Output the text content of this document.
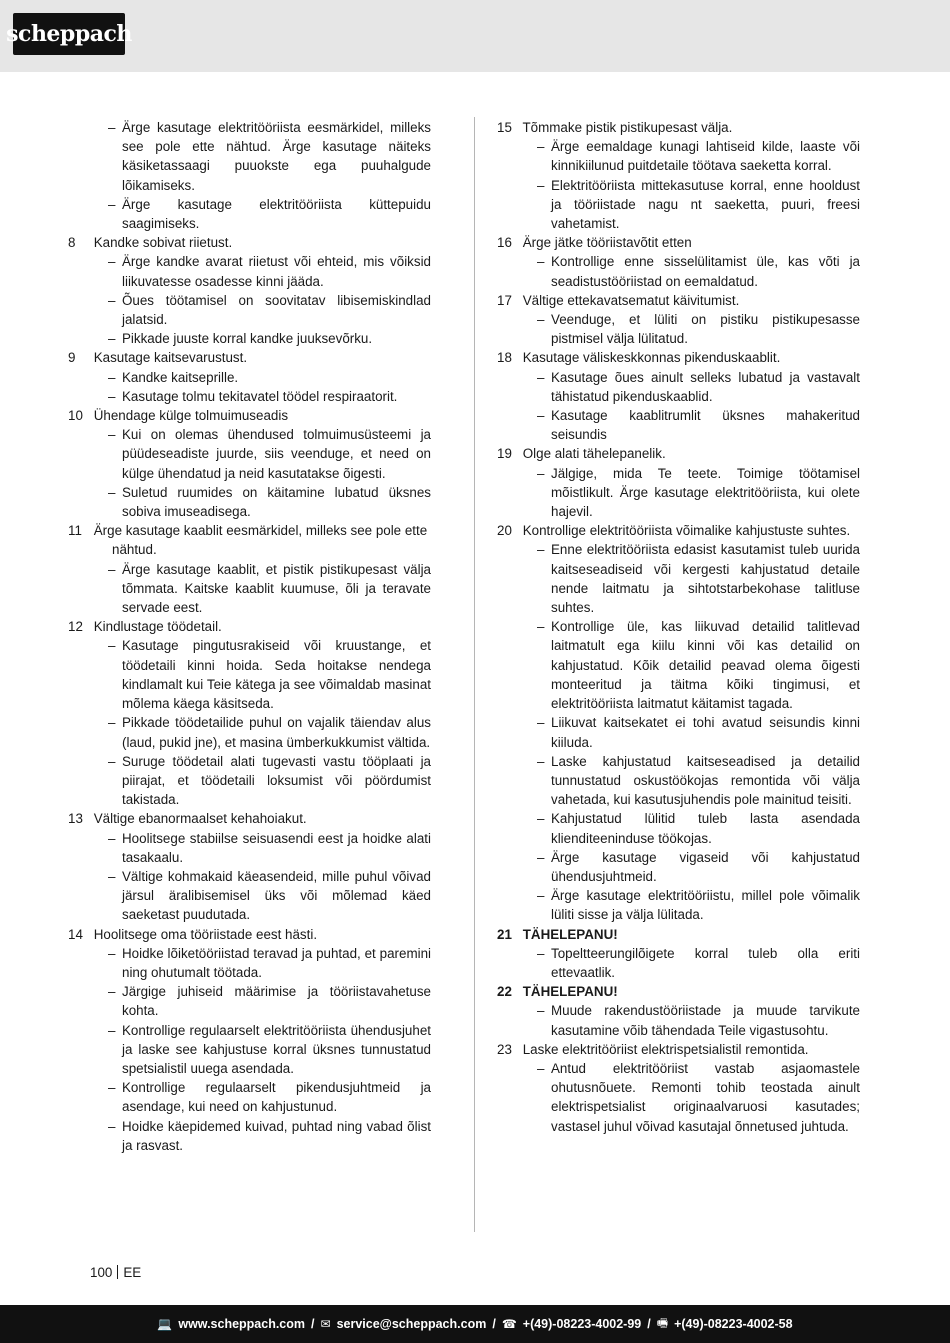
scheppach
– Ärge kasutage elektritööriista eesmärkidel, milleks see pole ette nähtud. Ärge kasutage näiteks käsiketassaagi puuokste ega puuhalgude lõikamiseks.
– Ärge kasutage elektritööriista küttepuidu saagimiseks.
8 Kandke sobivat riietust.
– Ärge kandke avarat riietust või ehteid, mis võiksid liikuvatesse osadesse kinni jääda.
– Õues töötamisel on soovitatav libisemiskindlad jalatsid.
– Pikkade juuste korral kandke juuksevõrku.
9 Kasutage kaitsevarustust.
– Kandke kaitseprille.
– Kasutage tolmu tekitavatel töödel respiraatorit.
10 Ühendage külge tolmuimuseadis
– Kui on olemas ühendused tolmuimusüsteemi ja püüdeseadiste juurde, siis veenduge, et need on külge ühendatud ja neid kasutatakse õigesti.
– Suletud ruumides on käitamine lubatud üksnes sobiva imuseadisega.
11 Ärge kasutage kaablit eesmärkidel, milleks see pole ette nähtud.
– Ärge kasutage kaablit, et pistik pistikupesast välja tõmmata. Kaitske kaablit kuumuse, õli ja teravate servade eest.
12 Kindlustage töödetail.
– Kasutage pingutusrakiseid või kruustange, et töödetaili kinni hoida. Seda hoitakse nendega kindlamalt kui Teie kätega ja see võimaldab masinat mõlema käega käsitseda.
– Pikkade töödetailide puhul on vajalik täiendav alus (laud, pukid jne), et masina ümberkukkumist vältida.
– Suruge töödetail alati tugevasti vastu tööplaati ja piirajat, et töödetaili loksumist või pöördumist takistada.
13 Vältige ebanormaalset kehahoiakut.
– Hoolitsege stabiilse seisuasendi eest ja hoidke alati tasakaalu.
– Vältige kohmakaid käeasendeid, mille puhul võivad järsul äralibisemisel üks või mõlemad käed saeketast puudutada.
14 Hoolitsege oma tööriistade eest hästi.
– Hoidke lõiketööriistad teravad ja puhtad, et paremini ning ohutumalt töötada.
– Järgige juhiseid määrimise ja tööriistavahetuse kohta.
– Kontrollige regulaarselt elektritööriista ühendusjuhet ja laske see kahjustuse korral üksnes tunnustatud spetsialistil uuega asendada.
– Kontrollige regulaarselt pikendusjuhtmeid ja asendage, kui need on kahjustunud.
– Hoidke käepidemed kuivad, puhtad ning vabad õlist ja rasvast.
15 Tõmmake pistik pistikupesast välja.
– Ärge eemaldage kunagi lahtiseid kilde, laaste või kinnikiilunud puitdetaile töötava saeketta korral.
– Elektritööriista mittekasutuse korral, enne hooldust ja tööriistade nagu nt saeketta, puuri, freesi vahetamist.
16 Ärge jätke tööriistavõtit etten
– Kontrollige enne sisselülitamist üle, kas võti ja seadistustööriistad on eemaldatud.
17 Vältige ettekavatsematut käivitumist.
– Veenduge, et lüliti on pistiku pistikupesasse pistmisel välja lülitatud.
18 Kasutage väliskeskkonnas pikenduskaablit.
– Kasutage õues ainult selleks lubatud ja vastavalt tähistatud pikenduskaablid.
– Kasutage kaablitrumlit üksnes mahakeritud seisundis
19 Olge alati tähelepanelik.
– Jälgige, mida Te teete. Toimige töötamisel mõistlikult. Ärge kasutage elektritööriista, kui olete hajevil.
20 Kontrollige elektritööriista võimalike kahjustuste suhtes.
– Enne elektritööriista edasist kasutamist tuleb uurida kaitseseadiseid või kergesti kahjustatud detaile nende laitmatu ja sihtotstarbekohase talitluse suhtes.
– Kontrollige üle, kas liikuvad detailid talitlevad laitmatult ega kiilu kinni või kas detailid on kahjustatud. Kõik detailid peavad olema õigesti monteeritud ja täitma kõiki tingimusi, et elektritööriista laitmatut käitamist tagada.
– Liikuvat kaitsekatet ei tohi avatud seisundis kinni kiiluda.
– Laske kahjustatud kaitseseadised ja detailid tunnustatud oskustöökojas remontida või välja vahetada, kui kasutusjuhendis pole mainitud teisiti.
– Kahjustatud lülitid tuleb lasta asendada klienditeeninduse töökojas.
– Ärge kasutage vigaseid või kahjustatud ühendusjuhtmeid.
– Ärge kasutage elektritööriistu, millel pole võimalik lüliti sisse ja välja lülitada.
21 TÄHELEPANU!
– Topeltteerungilõigete korral tuleb olla eriti ettevaatlik.
22 TÄHELEPANU!
– Muude rakendustööriistade ja muude tarvikute kasutamine võib tähendada Teile vigastusohtu.
23 Laske elektritööriist elektrispetsialistil remontida.
– Antud elektritööriist vastab asjaomastele ohutusnõuete. Remonti tohib teostada ainult elektrispetsialist originaalvaruosi kasutades; vastasel juhul võivad kasutajal õnnetused juhtuda.
100 EE
💻 www.scheppach.com / ✉ service@scheppach.com / ☎ +(49)-08223-4002-99 / 🖷 +(49)-08223-4002-58
